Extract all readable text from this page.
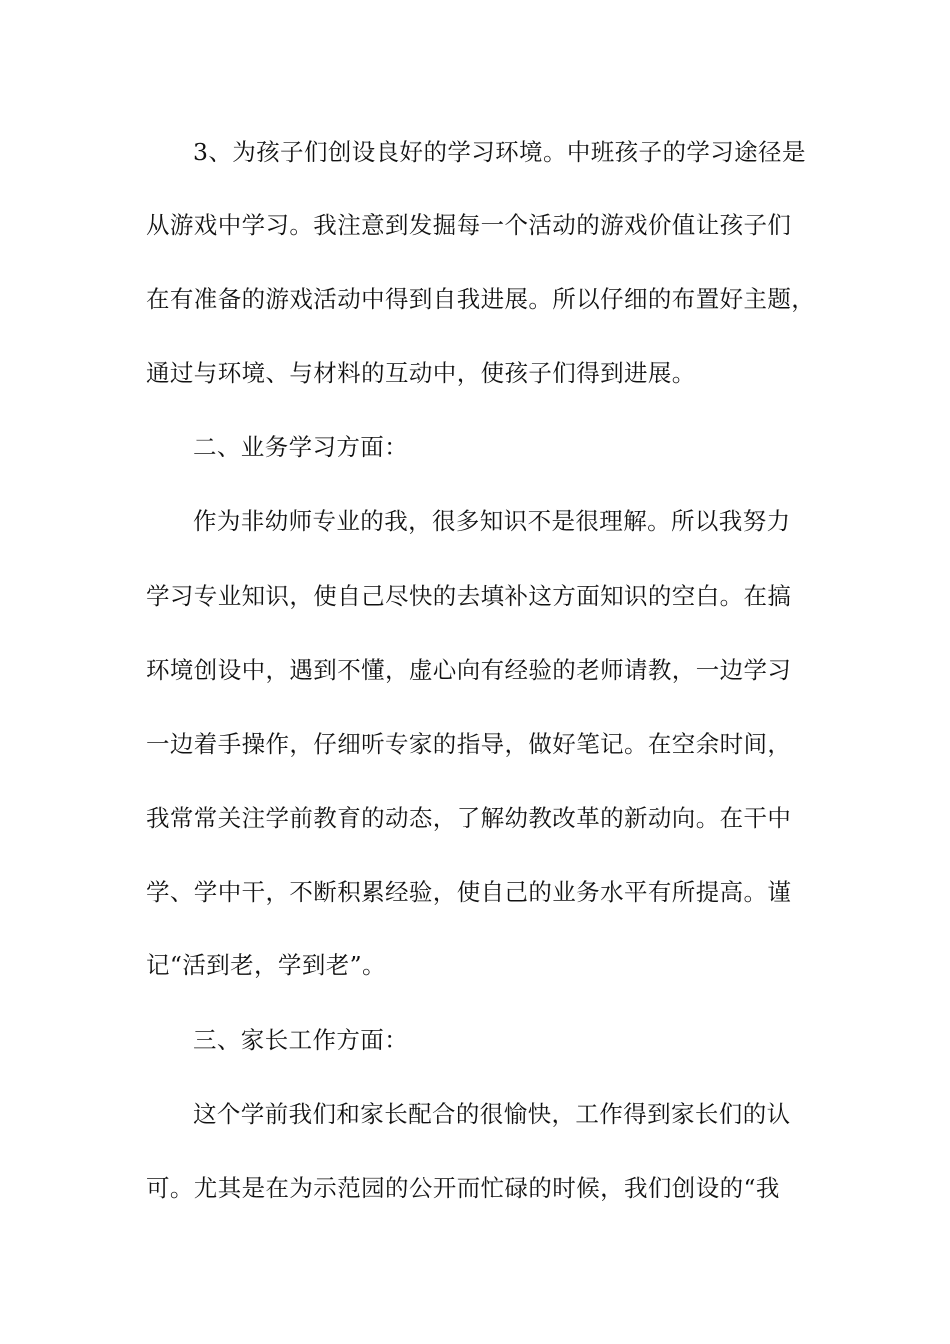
3、为孩子们创设良好的学习环境。中班孩子的学习途径是
从游戏中学习。我注意到发掘每一个活动的游戏价值让孩子们
在有准备的游戏活动中得到自我进展。所以仔细的布置好主题，
通过与环境、与材料的互动中，使孩子们得到进展。
二、业务学习方面：
作为非幼师专业的我，很多知识不是很理解。所以我努力
学习专业知识，使自己尽快的去填补这方面知识的空白。在搞
环境创设中，遇到不懂，虚心向有经验的老师请教，一边学习
一边着手操作，仔细听专家的指导，做好笔记。在空余时间，
我常常关注学前教育的动态，了解幼教改革的新动向。在干中
学、学中干，不断积累经验，使自己的业务水平有所提高。谨
记“活到老，学到老”。
三、家长工作方面：
这个学前我们和家长配合的很愉快，工作得到家长们的认
可。尤其是在为示范园的公开而忙碌的时候，我们创设的“我
